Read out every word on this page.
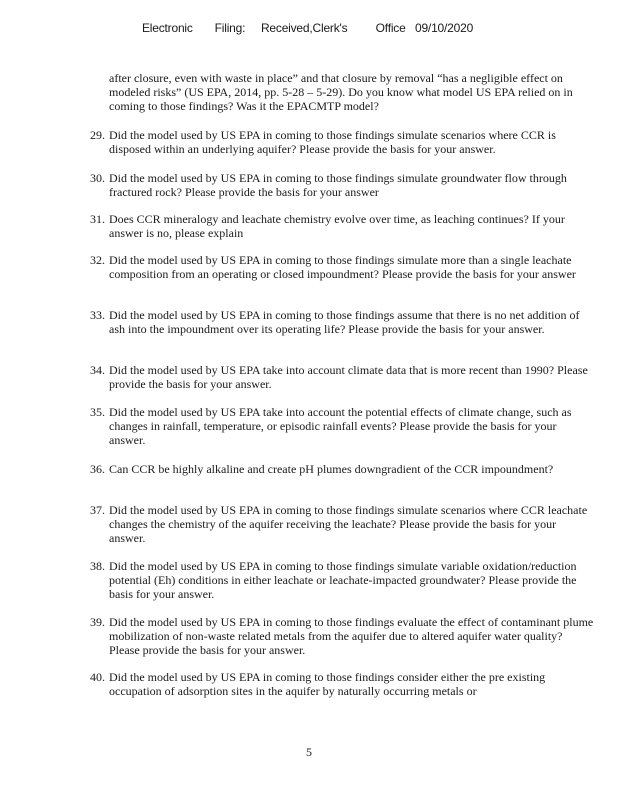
Electronic Filing: Received,Clerk's Office 09/10/2020
after closure, even with waste in place” and that closure by removal “has a negligible effect on modeled risks” (US EPA, 2014, pp. 5-28 – 5-29). Do you know what model US EPA relied on in coming to those findings? Was it the EPACMTP model?
29. Did the model used by US EPA in coming to those findings simulate scenarios where CCR is disposed within an underlying aquifer? Please provide the basis for your answer.
30. Did the model used by US EPA in coming to those findings simulate groundwater flow through fractured rock? Please provide the basis for your answer
31. Does CCR mineralogy and leachate chemistry evolve over time, as leaching continues? If your answer is no, please explain
32. Did the model used by US EPA in coming to those findings simulate more than a single leachate composition from an operating or closed impoundment? Please provide the basis for your answer
33. Did the model used by US EPA in coming to those findings assume that there is no net addition of ash into the impoundment over its operating life? Please provide the basis for your answer.
34. Did the model used by US EPA take into account climate data that is more recent than 1990? Please provide the basis for your answer.
35. Did the model used by US EPA take into account the potential effects of climate change, such as changes in rainfall, temperature, or episodic rainfall events? Please provide the basis for your answer.
36. Can CCR be highly alkaline and create pH plumes downgradient of the CCR impoundment?
37. Did the model used by US EPA in coming to those findings simulate scenarios where CCR leachate changes the chemistry of the aquifer receiving the leachate? Please provide the basis for your answer.
38. Did the model used by US EPA in coming to those findings simulate variable oxidation/reduction potential (Eh) conditions in either leachate or leachate-impacted groundwater? Please provide the basis for your answer.
39. Did the model used by US EPA in coming to those findings evaluate the effect of contaminant plume mobilization of non-waste related metals from the aquifer due to altered aquifer water quality? Please provide the basis for your answer.
40. Did the model used by US EPA in coming to those findings consider either the pre existing occupation of adsorption sites in the aquifer by naturally occurring metals or
5
